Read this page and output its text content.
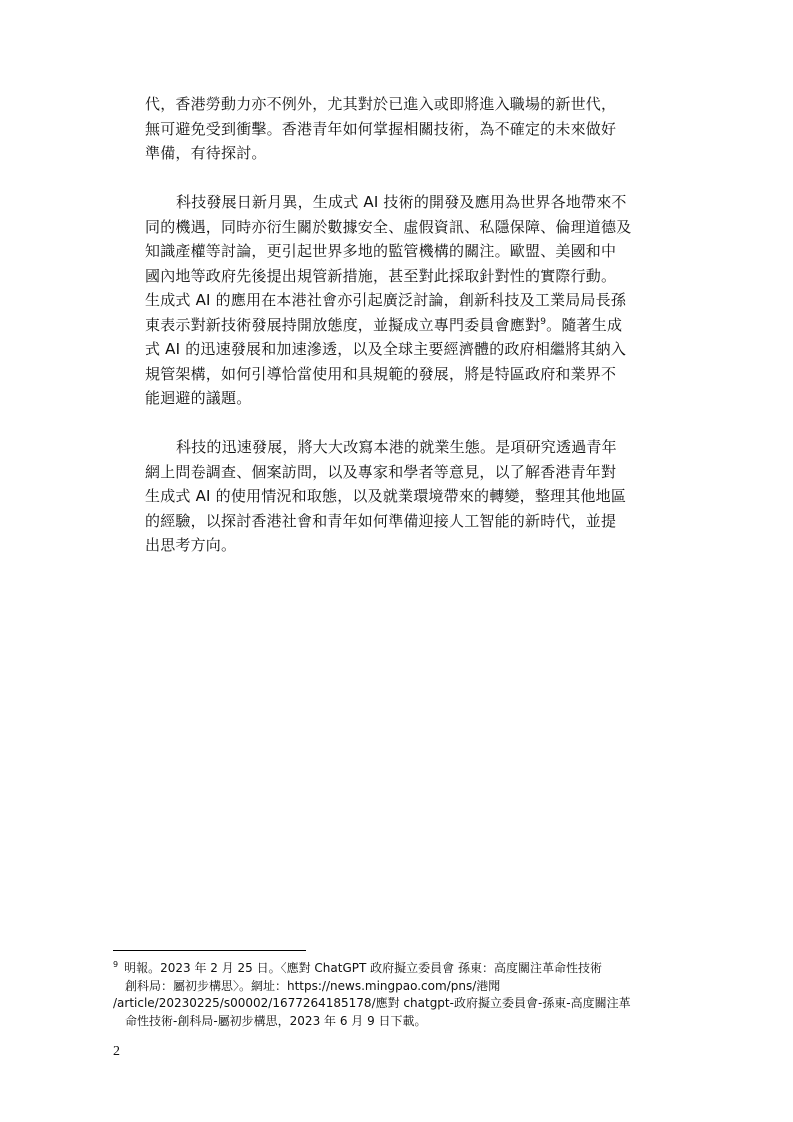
代，香港勞動力亦不例外，尤其對於已進入或即將進入職場的新世代，
無可避免受到衝擊。香港青年如何掌握相關技術，為不確定的未來做好
準備，有待探討。

科技發展日新月異，生成式 AI 技術的開發及應用為世界各地帶來不
同的機遇，同時亦衍生關於數據安全、虛假資訊、私隱保障、倫理道德及
知識產權等討論，更引起世界多地的監管機構的關注。歐盟、美國和中
國內地等政府先後提出規管新措施，甚至對此採取針對性的實際行動。
生成式 AI 的應用在本港社會亦引起廣泛討論，創新科技及工業局局長孫
東表示對新技術發展持開放態度，並擬成立專門委員會應對$^9$。隨著生成
式 AI 的迅速發展和加速滲透，以及全球主要經濟體的政府相繼將其納入
規管架構，如何引導恰當使用和具規範的發展，將是特區政府和業界不
能迴避的議題。

科技的迅速發展，將大大改寫本港的就業生態。是項研究透過青年
網上問卷調查、個案訪問，以及專家和學者等意見，以了解香港青年對
生成式 AI 的使用情況和取態，以及就業環境帶來的轉變，整理其他地區
的經驗，以探討香港社會和青年如何準備迎接人工智能的新時代，並提
出思考方向。

$^9$ 明報。2023 年 2 月 25 日。〈應對 ChatGPT 政府擬立委員會 孫東：高度關注革命性技術
創科局：屬初步構思〉。網址：https://news.mingpao.com/pns/港聞
/article/20230225/s00002/1677264185178/應對 chatgpt-政府擬立委員會-孫東-高度關注革
命性技術-創科局-屬初步構思，2023 年 6 月 9 日下載。
2
